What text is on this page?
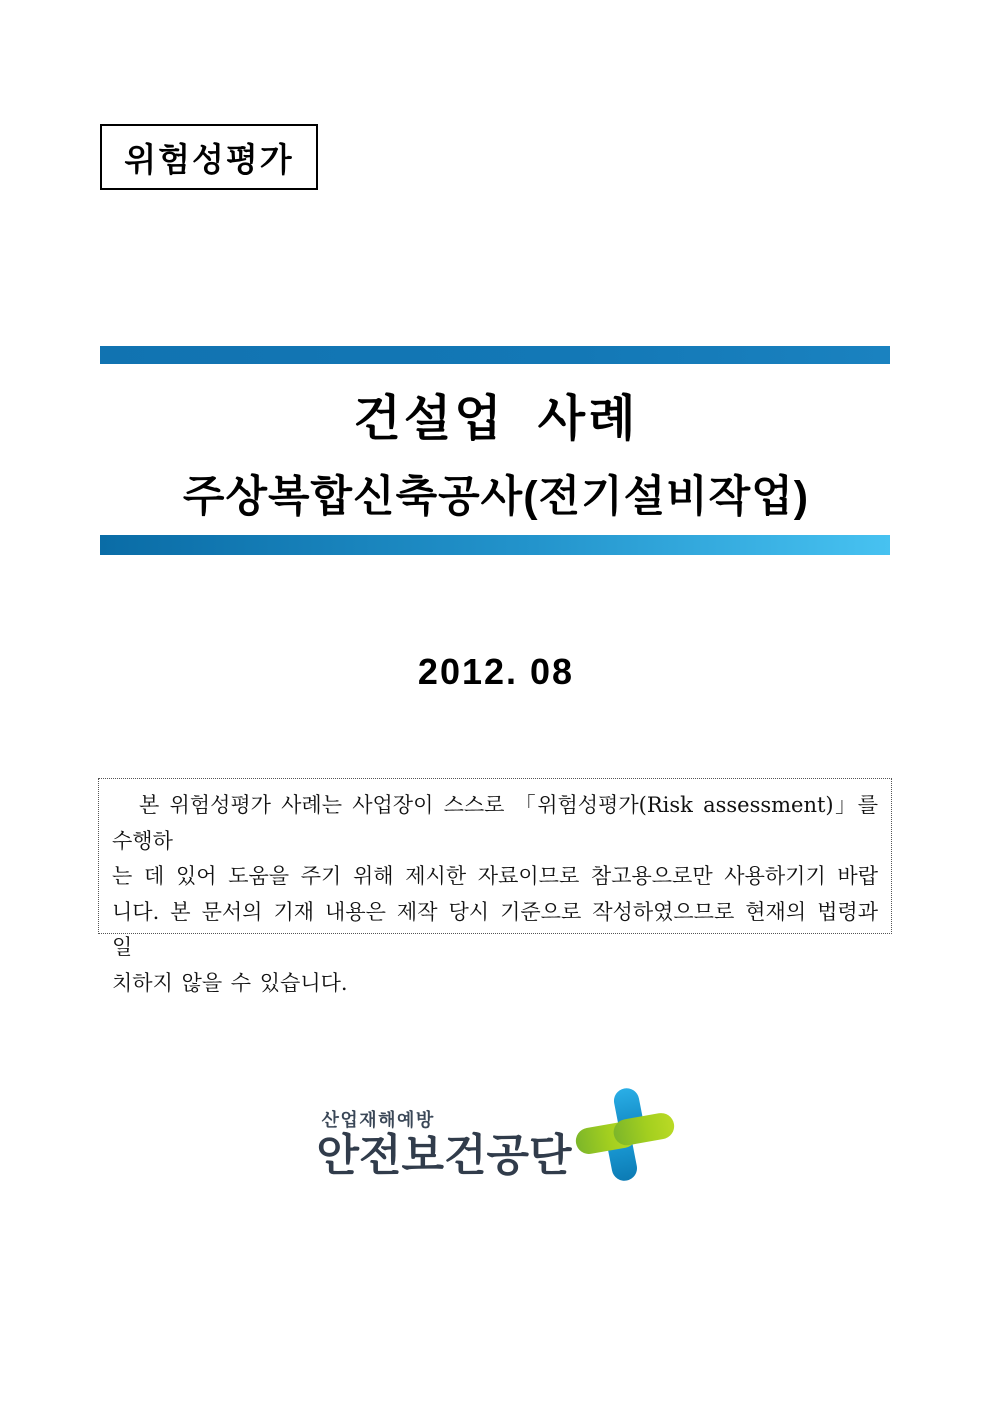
위험성평가
건설업  사례
주상복합신축공사(전기설비작업)
2012. 08
본 위험성평가 사례는 사업장이 스스로 「위험성평가(Risk assessment)」를 수행하
는 데 있어 도움을 주기 위해 제시한 자료이므로 참고용으로만 사용하기기 바랍
니다. 본 문서의 기재 내용은 제작 당시 기준으로 작성하였으므로 현재의 법령과 일
치하지 않을 수 있습니다.
산업재해예방
안전보건공단
